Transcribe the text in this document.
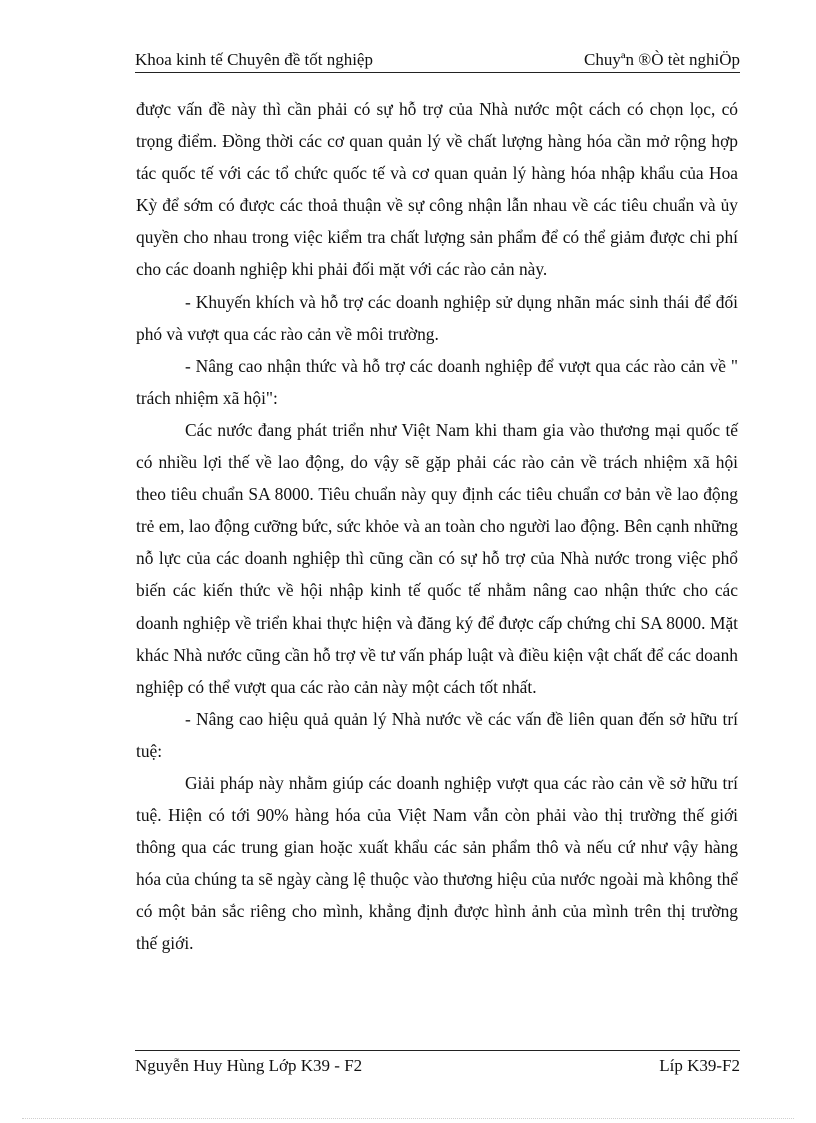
Khoa kinh tế Chuyên đề tốt nghiệp	Chuyªn ®Ò tèt nghiÖp

được vấn đề này thì cần phải có sự hỗ trợ của Nhà nước một cách có chọn lọc, có trọng điểm. Đồng thời các cơ quan quản lý về chất lượng hàng hóa cần mở rộng hợp tác quốc tế với các tổ chức quốc tế và cơ quan quản lý hàng hóa nhập khẩu của Hoa Kỳ để sớm có được các thoả thuận về sự công nhận lẫn nhau về các tiêu chuẩn và ủy quyền cho nhau trong việc kiểm tra chất lượng sản phẩm để có thể giảm được chi phí cho các doanh nghiệp khi phải đối mặt với các rào cản này.

- Khuyến khích và hỗ trợ các doanh nghiệp sử dụng nhãn mác sinh thái để đối phó và vượt qua các rào cản về môi trường.

- Nâng cao nhận thức và hỗ trợ các doanh nghiệp để vượt qua các rào cản về " trách nhiệm xã hội":

Các nước đang phát triển như Việt Nam khi tham gia vào thương mại quốc tế có nhiều lợi thế về lao động, do vậy sẽ gặp phải các rào cản về trách nhiệm xã hội theo tiêu chuẩn SA 8000. Tiêu chuẩn này quy định các tiêu chuẩn cơ bản về lao động trẻ em, lao động cưỡng bức, sức khỏe và an toàn cho người lao động. Bên cạnh những nỗ lực của các doanh nghiệp thì cũng cần có sự hỗ trợ của Nhà nước trong việc phổ biến các kiến thức về hội nhập kinh tế quốc tế nhằm nâng cao nhận thức cho các doanh nghiệp về triển khai thực hiện và đăng ký để được cấp chứng chỉ SA 8000. Mặt khác Nhà nước cũng cần hỗ trợ về tư vấn pháp luật và điều kiện vật chất để các doanh nghiệp có thể vượt qua các rào cản này một cách tốt nhất.

- Nâng cao hiệu quả quản lý Nhà nước về các vấn đề liên quan đến sở hữu trí tuệ:

Giải pháp này nhằm giúp các doanh nghiệp vượt qua các rào cản về sở hữu trí tuệ. Hiện có tới 90% hàng hóa của Việt Nam vẫn còn phải vào thị trường thế giới thông qua các trung gian hoặc xuất khẩu các sản phẩm thô và nếu cứ như vậy hàng hóa của chúng ta sẽ ngày càng lệ thuộc vào thương hiệu của nước ngoài mà không thể có một bản sắc riêng cho mình, khẳng định được hình ảnh của mình trên thị trường thế giới.

Nguyễn Huy Hùng Lớp K39 - F2	Líp K39-F2
